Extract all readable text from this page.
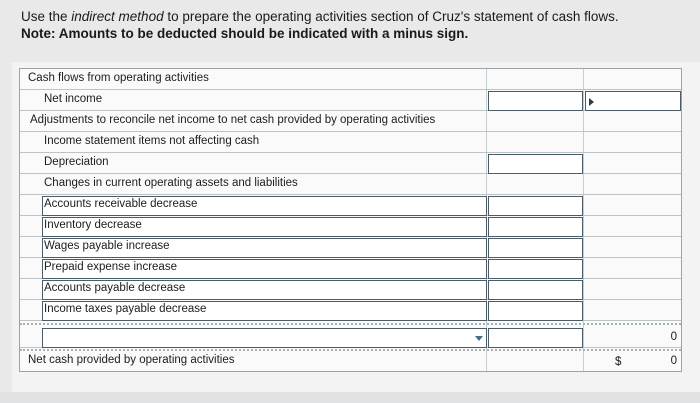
Use the indirect method to prepare the operating activities section of Cruz's statement of cash flows.
Note: Amounts to be deducted should be indicated with a minus sign.
Cash flows from operating activities
Net income
Adjustments to reconcile net income to net cash provided by operating activities
Income statement items not affecting cash
Depreciation
Changes in current operating assets and liabilities
Accounts receivable decrease
Inventory decrease
Wages payable increase
Prepaid expense increase
Accounts payable decrease
Income taxes payable decrease
0
Net cash provided by operating activities	$	0
